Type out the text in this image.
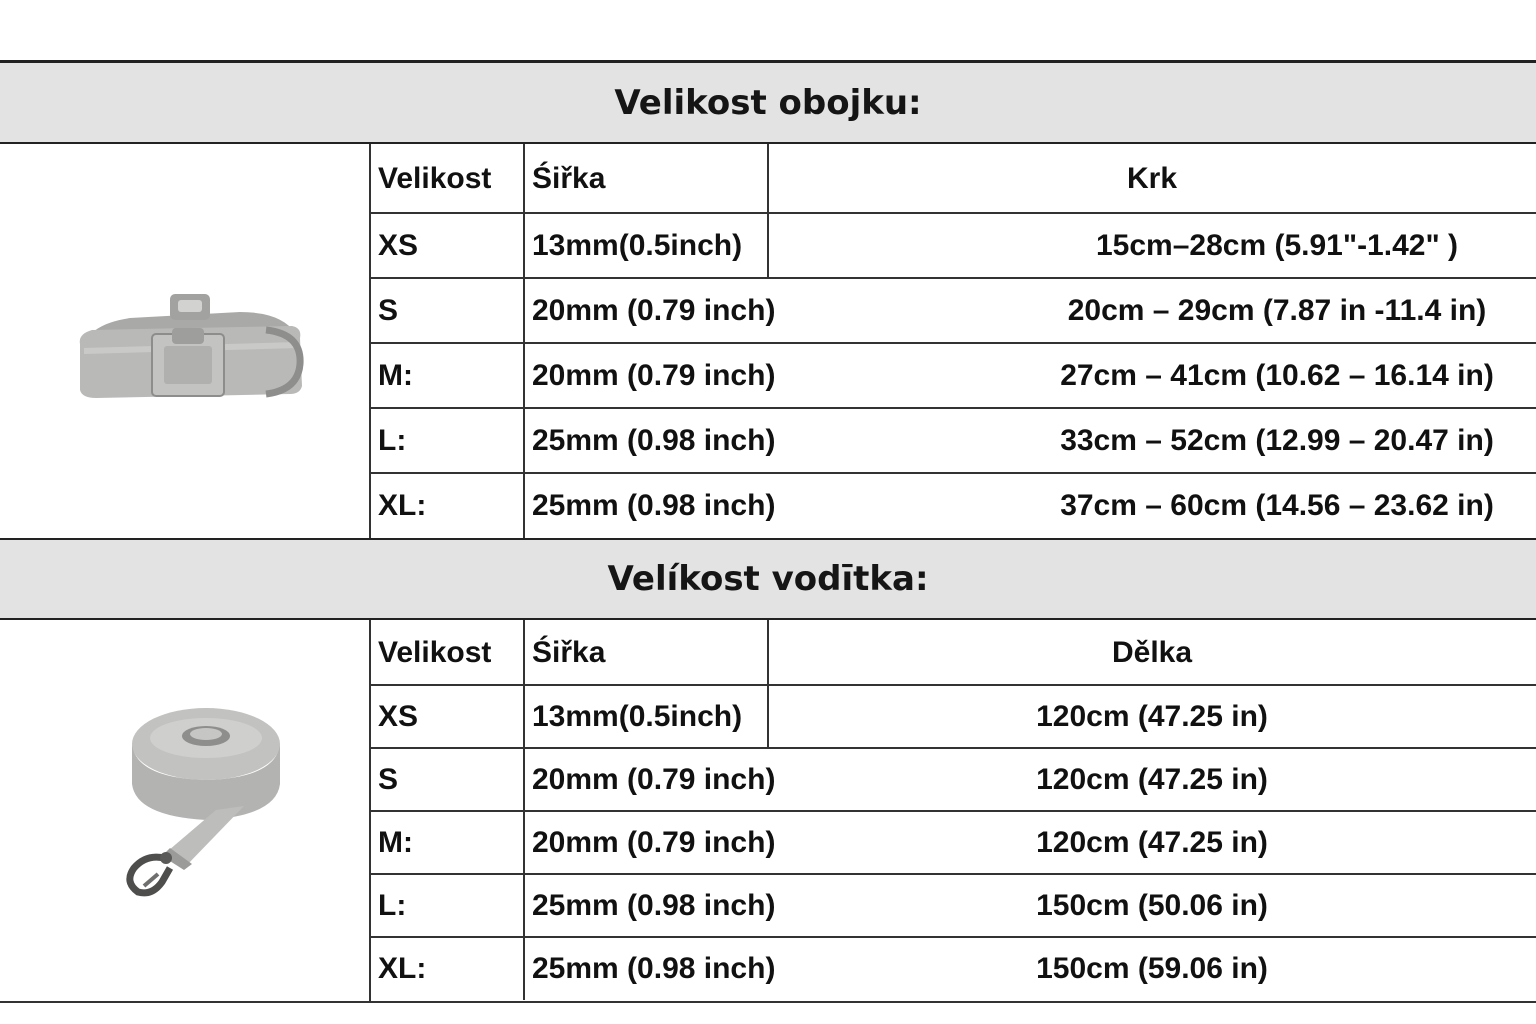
Velikost obojku:
Velikost	Śiřka	Krk
XS	13mm(0.5inch)	15cm–28cm (5.91"-1.42" )
S	20mm (0.79 inch)	20cm – 29cm (7.87 in -11.4 in)
M:	20mm (0.79 inch)	27cm – 41cm (10.62 – 16.14 in)
L:	25mm (0.98 inch)	33cm – 52cm (12.99 – 20.47 in)
XL:	25mm (0.98 inch)	37cm – 60cm (14.56 – 23.62 in)
Velíkost vodītka:
Velikost	Śiřka	Dělka
XS	13mm(0.5inch)	120cm (47.25 in)
S	20mm (0.79 inch)	120cm (47.25 in)
M:	20mm (0.79 inch)	120cm (47.25 in)
L:	25mm (0.98 inch)	150cm (50.06 in)
XL:	25mm (0.98 inch)	150cm (59.06 in)
